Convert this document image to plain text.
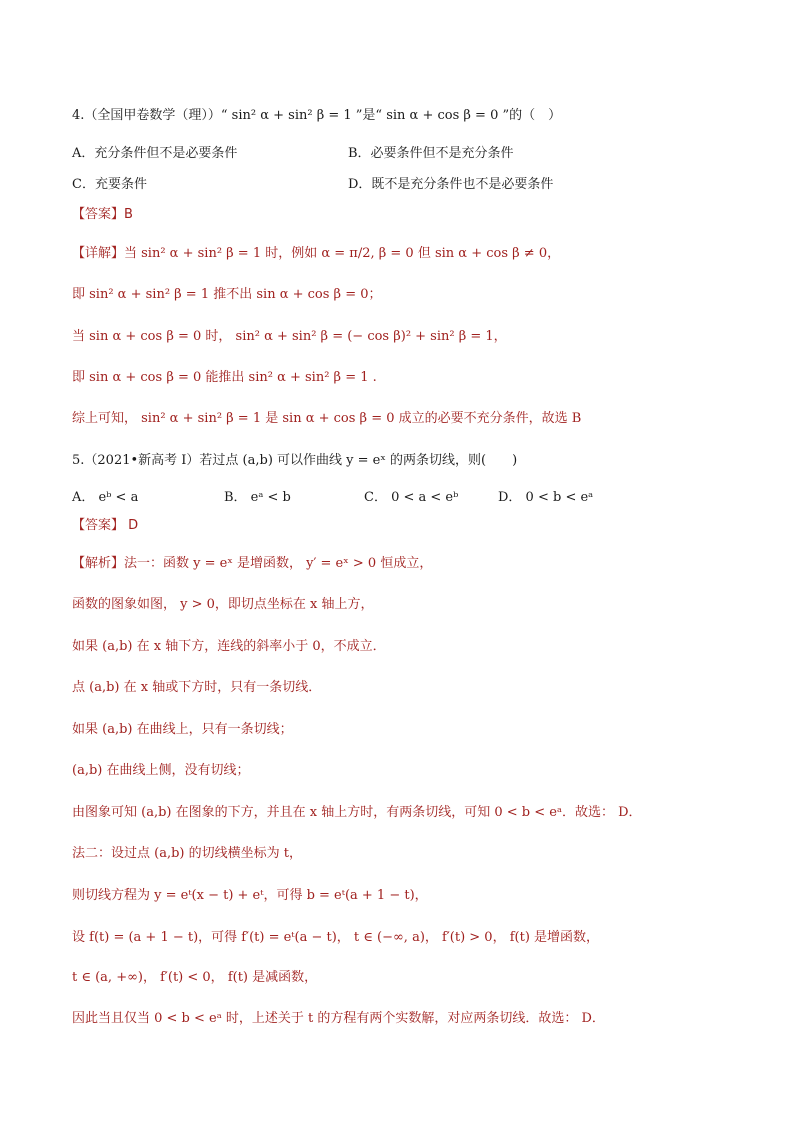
4.（全国甲卷数学（理））“ sin² α + sin² β = 1 ”是“ sin α + cos β = 0 ”的（　）
A．充分条件但不是必要条件	B．必要条件但不是充分条件
C．充要条件	D．既不是充分条件也不是必要条件
【答案】B
【详解】当 sin² α + sin² β = 1 时，例如 α = π/2, β = 0 但 sin α + cos β ≠ 0，
即 sin² α + sin² β = 1 推不出 sin α + cos β = 0；
当 sin α + cos β = 0 时， sin² α + sin² β = (− cos β)² + sin² β = 1，
即 sin α + cos β = 0 能推出 sin² α + sin² β = 1 .
综上可知， sin² α + sin² β = 1 是 sin α + cos β = 0 成立的必要不充分条件，故选 B
5.（2021•新高考 I）若过点 (a,b) 可以作曲线 y = eˣ 的两条切线，则(　　)
A． eᵇ < a	B． eᵃ < b	C． 0 < a < eᵇ	D． 0 < b < eᵃ
【答案】 D
【解析】法一：函数 y = eˣ 是增函数， y′ = eˣ > 0 恒成立，
函数的图象如图， y > 0，即切点坐标在 x 轴上方，
如果 (a,b) 在 x 轴下方，连线的斜率小于 0，不成立．
点 (a,b) 在 x 轴或下方时，只有一条切线．
如果 (a,b) 在曲线上，只有一条切线；
(a,b) 在曲线上侧，没有切线；
由图象可知 (a,b) 在图象的下方，并且在 x 轴上方时，有两条切线，可知 0 < b < eᵃ．故选： D．
法二：设过点 (a,b) 的切线横坐标为 t，
则切线方程为 y = eᵗ(x − t) + eᵗ，可得 b = eᵗ(a + 1 − t)，
设 f(t) = (a + 1 − t)，可得 f′(t) = eᵗ(a − t)， t ∈ (−∞, a)， f′(t) > 0， f(t) 是增函数，
t ∈ (a, +∞)， f′(t) < 0， f(t) 是减函数，
因此当且仅当 0 < b < eᵃ 时，上述关于 t 的方程有两个实数解，对应两条切线．故选： D．
